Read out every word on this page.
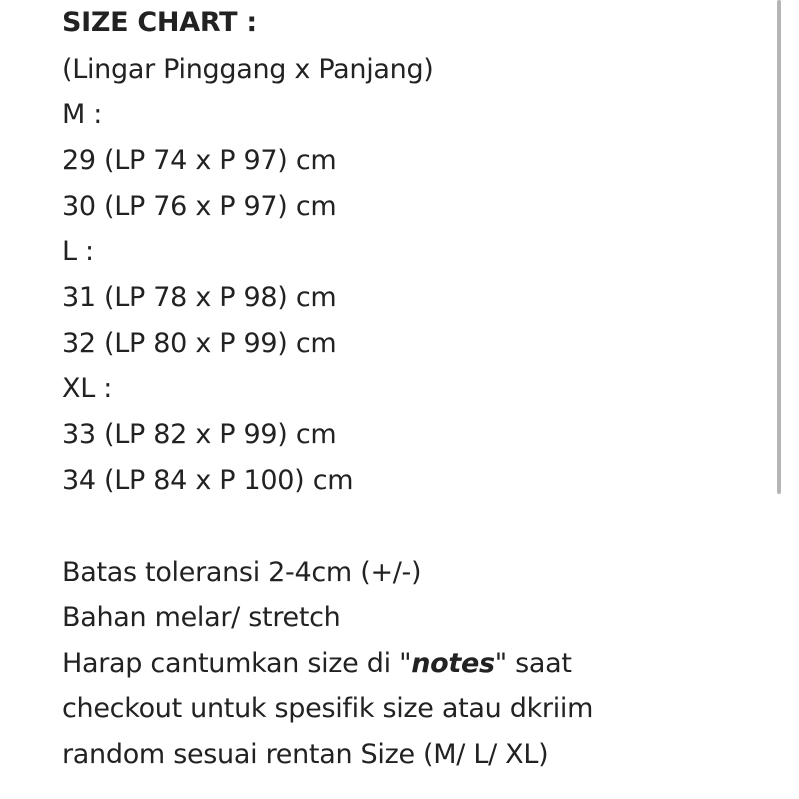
SIZE CHART :
(Lingar Pinggang x Panjang)
M :
29 (LP 74 x P 97) cm
30 (LP 76 x P 97) cm
L :
31 (LP 78 x P 98) cm
32 (LP 80 x P 99) cm
XL :
33 (LP 82 x P 99) cm
34 (LP 84 x P 100) cm
Batas toleransi 2-4cm (+/-)
Bahan melar/ stretch
Harap cantumkan size di "notes" saat
checkout untuk spesifik size atau dkriim
random sesuai rentan Size (M/ L/ XL)
